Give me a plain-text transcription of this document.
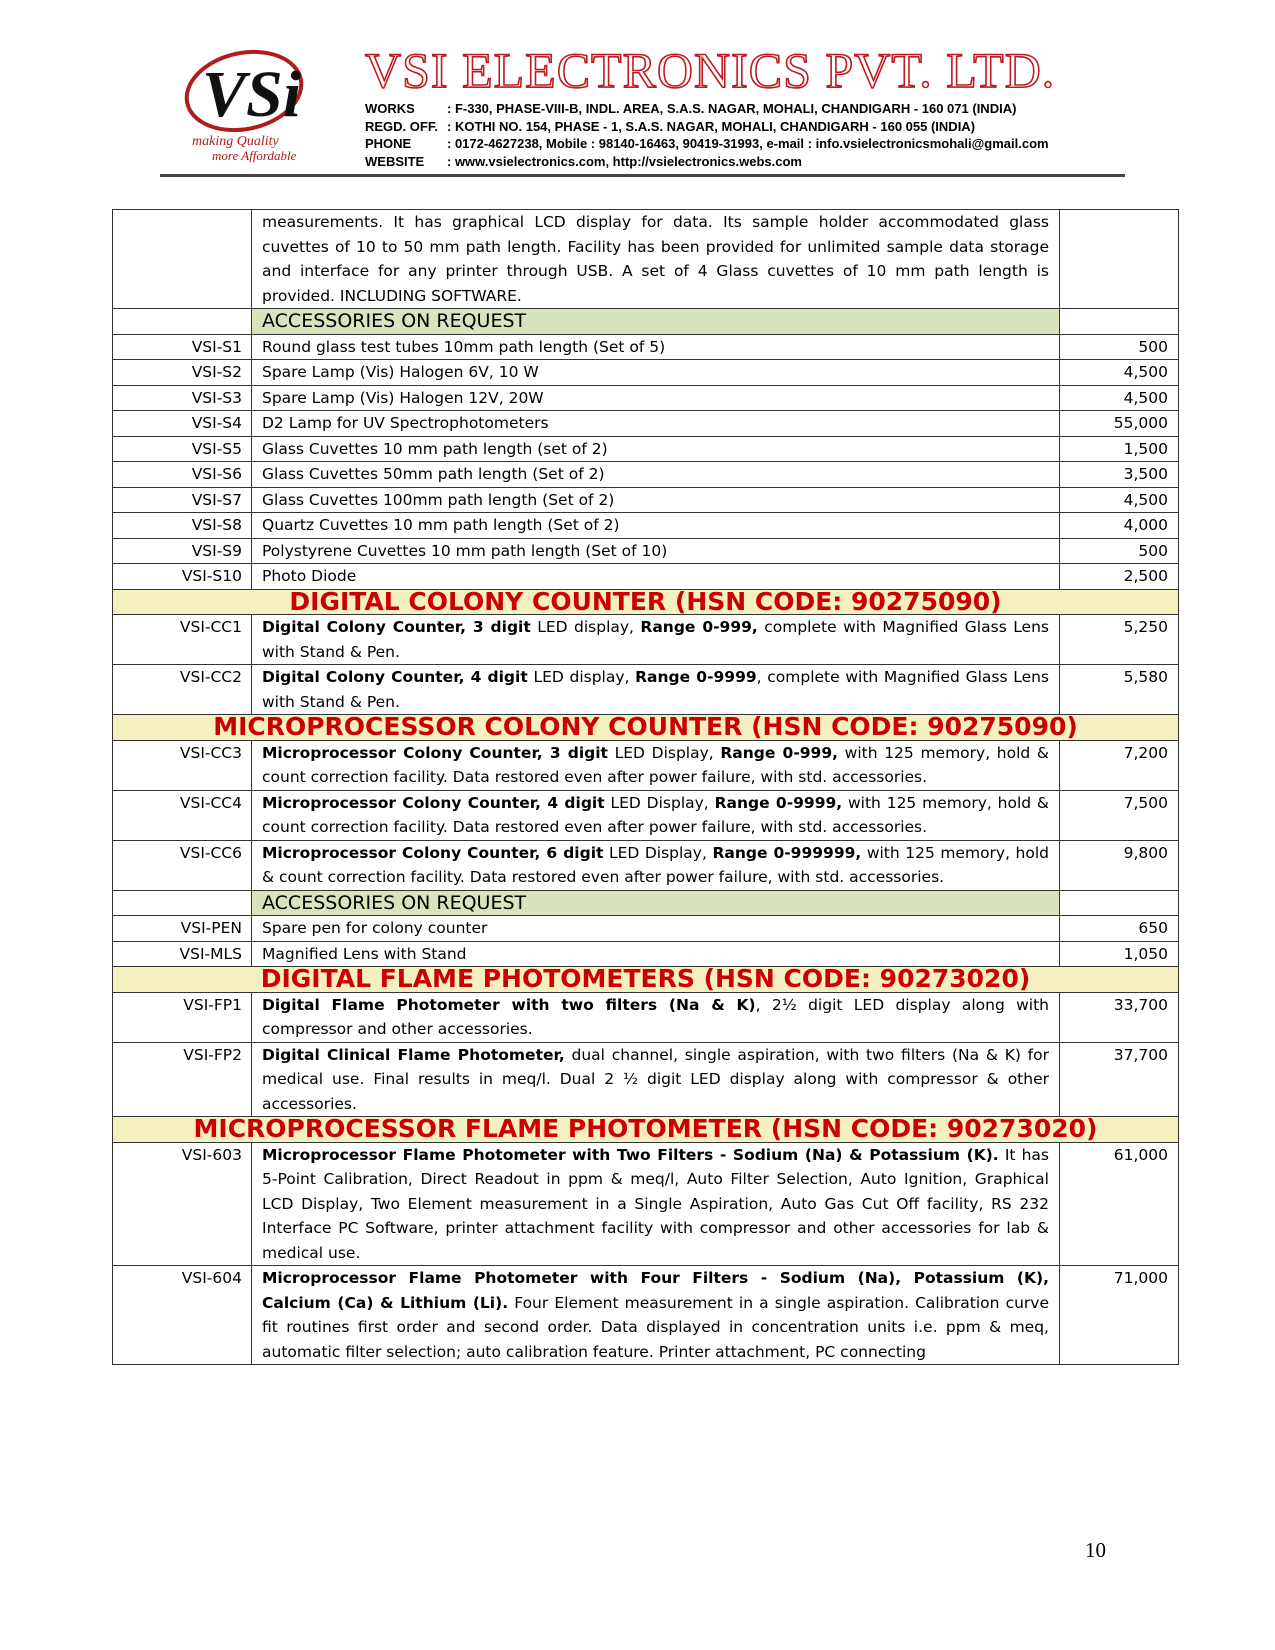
VSi
making Quality
more Affordable
VSI ELECTRONICS PVT. LTD.
WORKS	: F-330, PHASE-VIII-B, INDL. AREA, S.A.S. NAGAR, MOHALI, CHANDIGARH - 160 071 (INDIA)
REGD. OFF. : KOTHI NO. 154, PHASE - 1, S.A.S. NAGAR, MOHALI, CHANDIGARH - 160 055 (INDIA)
PHONE	: 0172-4627238, Mobile : 98140-16463, 90419-31993, e-mail : info.vsielectronicsmohali@gmail.com
WEBSITE	: www.vsielectronics.com, http://vsielectronics.webs.com
	measurements. It has graphical LCD display for data. Its sample holder accommodated glass cuvettes of 10 to 50 mm path length. Facility has been provided for unlimited sample data storage and interface for any printer through USB. A set of 4 Glass cuvettes of 10 mm path length is provided. INCLUDING SOFTWARE.	
	ACCESSORIES ON REQUEST	
VSI-S1	Round glass test tubes 10mm path length (Set of 5)	500
VSI-S2	Spare Lamp (Vis) Halogen 6V, 10 W	4,500
VSI-S3	Spare Lamp (Vis) Halogen 12V, 20W	4,500
VSI-S4	D2 Lamp for UV Spectrophotometers	55,000
VSI-S5	Glass Cuvettes 10 mm path length (set of 2)	1,500
VSI-S6	Glass Cuvettes 50mm path length (Set of 2)	3,500
VSI-S7	Glass Cuvettes 100mm path length (Set of 2)	4,500
VSI-S8	Quartz Cuvettes 10 mm path length (Set of 2)	4,000
VSI-S9	Polystyrene Cuvettes 10 mm path length (Set of 10)	500
VSI-S10	Photo Diode	2,500
DIGITAL COLONY COUNTER (HSN CODE: 90275090)		
VSI-CC1	Digital Colony Counter, 3 digit LED display, Range 0-999, complete with Magnified Glass Lens with Stand & Pen.	5,250
VSI-CC2	Digital Colony Counter, 4 digit LED display, Range 0-9999, complete with Magnified Glass Lens with Stand & Pen.	5,580
MICROPROCESSOR COLONY COUNTER (HSN CODE: 90275090)		
VSI-CC3	Microprocessor Colony Counter, 3 digit LED Display, Range 0-999, with 125 memory, hold & count correction facility. Data restored even after power failure, with std. accessories.	7,200
VSI-CC4	Microprocessor Colony Counter, 4 digit LED Display, Range 0-9999, with 125 memory, hold & count correction facility. Data restored even after power failure, with std. accessories.	7,500
VSI-CC6	Microprocessor Colony Counter, 6 digit LED Display, Range 0-999999, with 125 memory, hold & count correction facility. Data restored even after power failure, with std. accessories.	9,800
	ACCESSORIES ON REQUEST	
VSI-PEN	Spare pen for colony counter	650
VSI-MLS	Magnified Lens with Stand	1,050
DIGITAL FLAME PHOTOMETERS (HSN CODE: 90273020)		
VSI-FP1	Digital Flame Photometer with two filters (Na & K), 2½ digit LED display along with compressor and other accessories.	33,700
VSI-FP2	Digital Clinical Flame Photometer, dual channel, single aspiration, with two filters (Na & K) for medical use. Final results in meq/l. Dual 2 ½ digit LED display along with compressor & other accessories.	37,700
MICROPROCESSOR FLAME PHOTOMETER (HSN CODE: 90273020)		
VSI-603	Microprocessor Flame Photometer with Two Filters - Sodium (Na) & Potassium (K). It has 5-Point Calibration, Direct Readout in ppm & meq/l, Auto Filter Selection, Auto Ignition, Graphical LCD Display, Two Element measurement in a Single Aspiration, Auto Gas Cut Off facility, RS 232 Interface PC Software, printer attachment facility with compressor and other accessories for lab & medical use.	61,000
VSI-604	Microprocessor Flame Photometer with Four Filters - Sodium (Na), Potassium (K), Calcium (Ca) & Lithium (Li). Four Element measurement in a single aspiration. Calibration curve fit routines first order and second order. Data displayed in concentration units i.e. ppm & meq, automatic filter selection; auto calibration feature. Printer attachment, PC connecting	71,000
10
